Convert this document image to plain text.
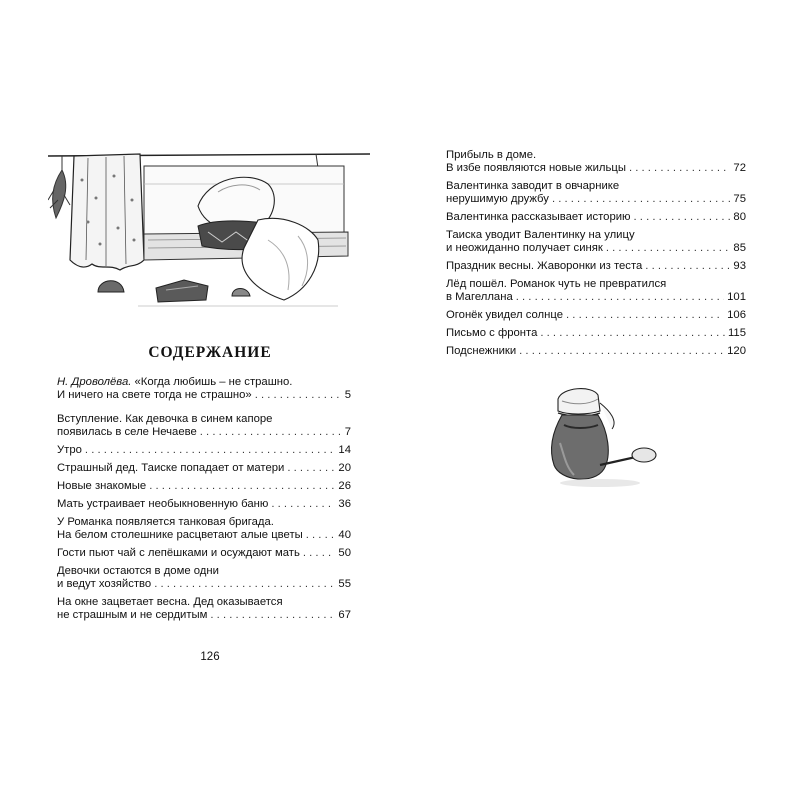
СОДЕРЖАНИЕ
Н. Дроволёва. «Когда любишь – не страшно.
И ничего на свете тогда не страшно» . . .	5
Вступление. Как девочка в синем капоре
появилась в селе Нечаеве . . .	7
Утро . . .	14
Страшный дед. Таиске попадает от матери . . .	20
Новые знакомые . . .	26
Мать устраивает необыкновенную баню . . .	36
У Романка появляется танковая бригада.
На белом столешнике расцветают алые цветы . . .	40
Гости пьют чай с лепёшками и осуждают мать . . .	50
Девочки остаются в доме одни
и ведут хозяйство . . .	55
На окне зацветает весна. Дед оказывается
не страшным и не сердитым . . .	67
Прибыль в доме.
В избе появляются новые жильцы . . .	72
Валентинка заводит в овчарнике
нерушимую дружбу . . .	75
Валентинка рассказывает историю . . .	80
Таиска уводит Валентинку на улицу
и неожиданно получает синяк . . .	85
Праздник весны. Жаворонки из теста . . .	93
Лёд пошёл. Романок чуть не превратился
в Магеллана . . .	101
Огонёк увидел солнце . . .	106
Письмо с фронта . . .	115
Подснежники . . .	120
126
